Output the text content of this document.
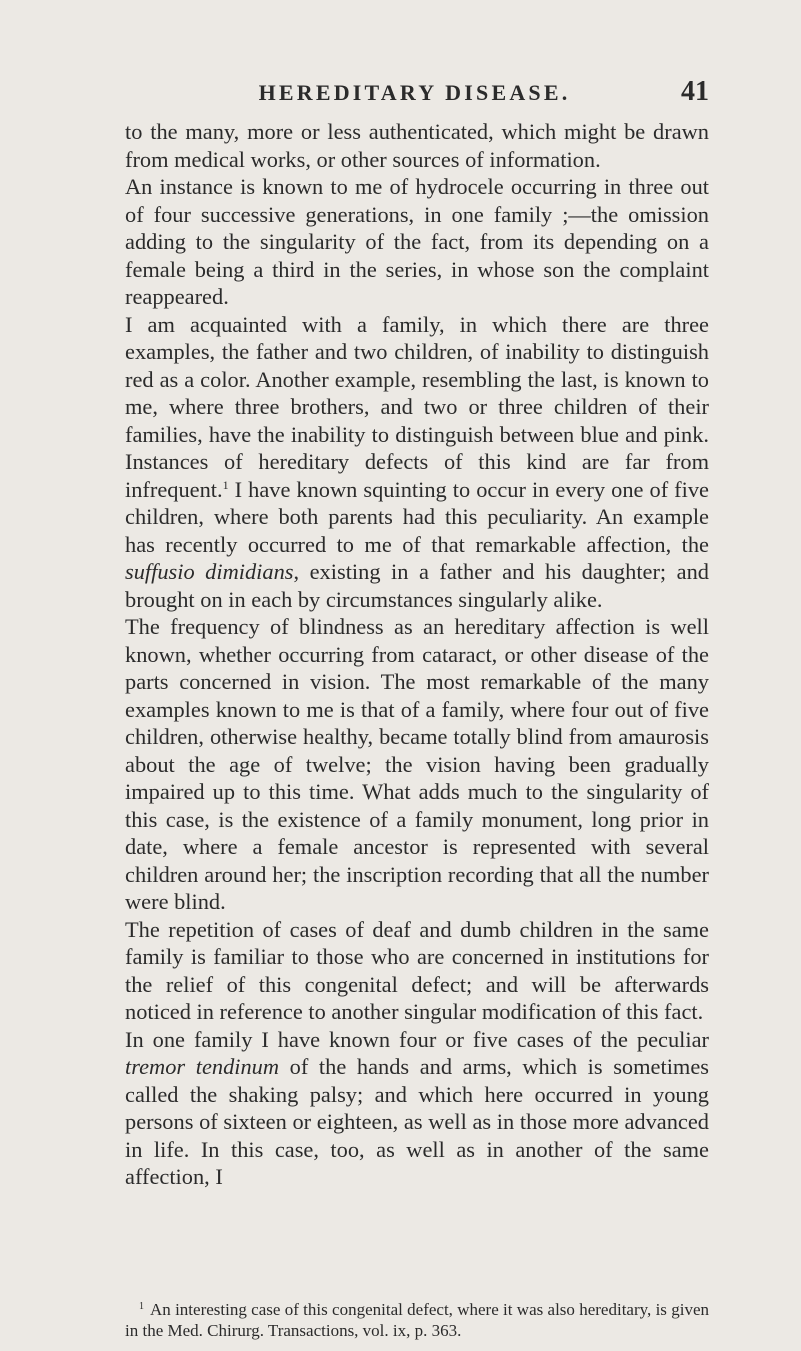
HEREDITARY DISEASE.	41

to the many, more or less authenticated, which might be drawn from medical works, or other sources of information.

An instance is known to me of hydrocele occurring in three out of four successive generations, in one family ;—the omission adding to the singularity of the fact, from its depending on a female being a third in the series, in whose son the complaint reappeared.

I am acquainted with a family, in which there are three examples, the father and two children, of inability to distinguish red as a color. Another example, resembling the last, is known to me, where three brothers, and two or three children of their families, have the inability to distinguish between blue and pink. Instances of hereditary defects of this kind are far from infrequent.$^1$ I have known squinting to occur in every one of five children, where both parents had this peculiarity. An example has recently occurred to me of that remarkable affection, the suffusio dimidians, existing in a father and his daughter; and brought on in each by circumstances singularly alike.

The frequency of blindness as an hereditary affection is well known, whether occurring from cataract, or other disease of the parts concerned in vision. The most remarkable of the many examples known to me is that of a family, where four out of five children, otherwise healthy, became totally blind from amaurosis about the age of twelve; the vision having been gradually impaired up to this time. What adds much to the singularity of this case, is the existence of a family monument, long prior in date, where a female ancestor is represented with several children around her; the inscription recording that all the number were blind.

The repetition of cases of deaf and dumb children in the same family is familiar to those who are concerned in institutions for the relief of this congenital defect; and will be afterwards noticed in reference to another singular modification of this fact.

In one family I have known four or five cases of the peculiar tremor tendinum of the hands and arms, which is sometimes called the shaking palsy; and which here occurred in young persons of sixteen or eighteen, as well as in those more advanced in life. In this case, too, as well as in another of the same affection, I

$^1$ An interesting case of this congenital defect, where it was also hereditary, is given in the Med. Chirurg. Transactions, vol. ix, p. 363.
